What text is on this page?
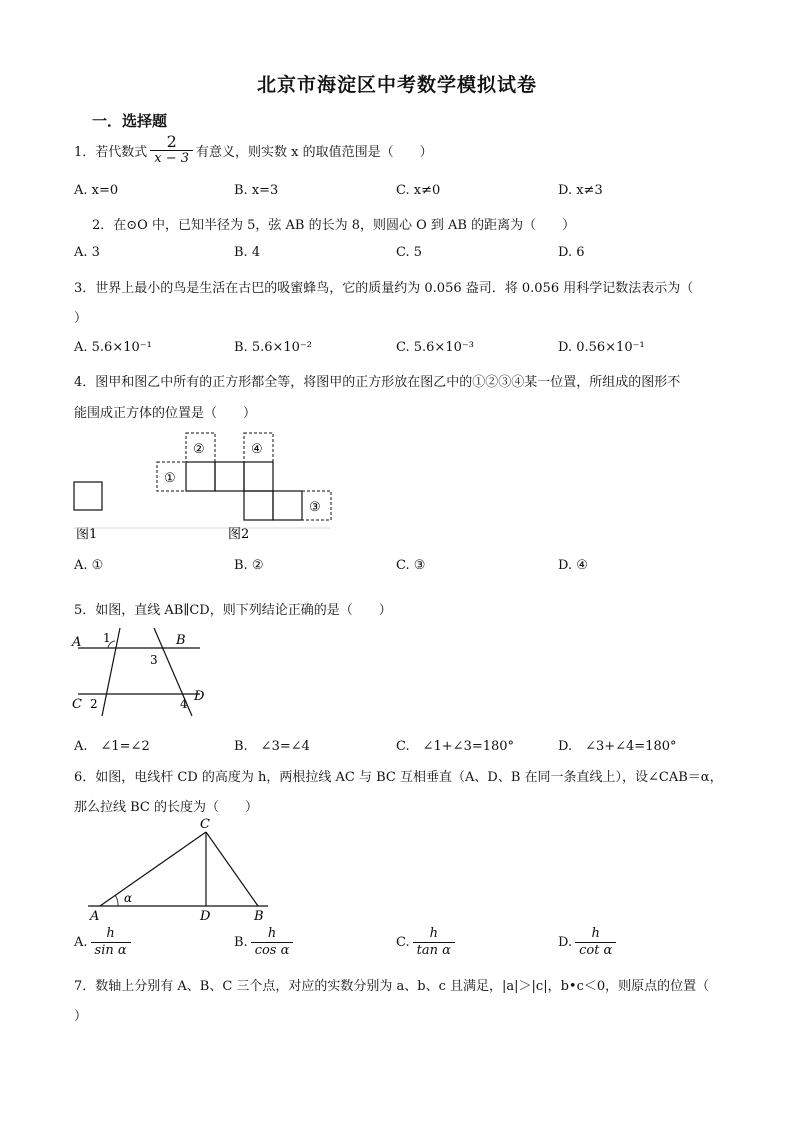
北京市海淀区中考数学模拟试卷
一．选择题
1．若代数式 $\frac{2}{x - 3}$ 有意义，则实数 x 的取值范围是（　　）
A. x=0	B. x=3	C. x≠0	D. x≠3
2．在⊙O 中，已知半径为 5，弦 AB 的长为 8，则圆心 O 到 AB 的距离为（　　）
A. 3	B. 4	C. 5	D. 6
3．世界上最小的鸟是生活在古巴的吸蜜蜂鸟，它的质量约为 0.056 盎司．将 0.056 用科学记数法表示为（
）
A. 5.6×10⁻¹	B. 5.6×10⁻²	C. 5.6×10⁻³	D. 0.56×10⁻¹
4．图甲和图乙中所有的正方形都全等，将图甲的正方形放在图乙中的①②③④某一位置，所组成的图形不
能围成正方体的位置是（　　）
图1
①
②	④
③
图2
A. ①	B. ②	C. ③	D. ④
5．如图，直线 AB∥CD，则下列结论正确的是（　　）
A	B
C
D
1
2
3
4
A.　∠1=∠2	B.　∠3=∠4	C.　∠1+∠3=180°	D.　∠3+∠4=180°
6．如图，电线杆 CD 的高度为 h，两根拉线 AC 与 BC 互相垂直（A、D、B 在同一条直线上），设∠CAB＝α，
那么拉线 BC 的长度为（　　）
C
A	D	B
α
A. $\frac{h}{\text{sin α}}$	B. $\frac{h}{\text{cos α}}$	C. $\frac{h}{\text{tan α}}$	D. $\frac{h}{\text{cot α}}$
7．数轴上分别有 A、B、C 三个点，对应的实数分别为 a、b、c 且满足，|a|＞|c|，b•c＜0，则原点的位置（
）
